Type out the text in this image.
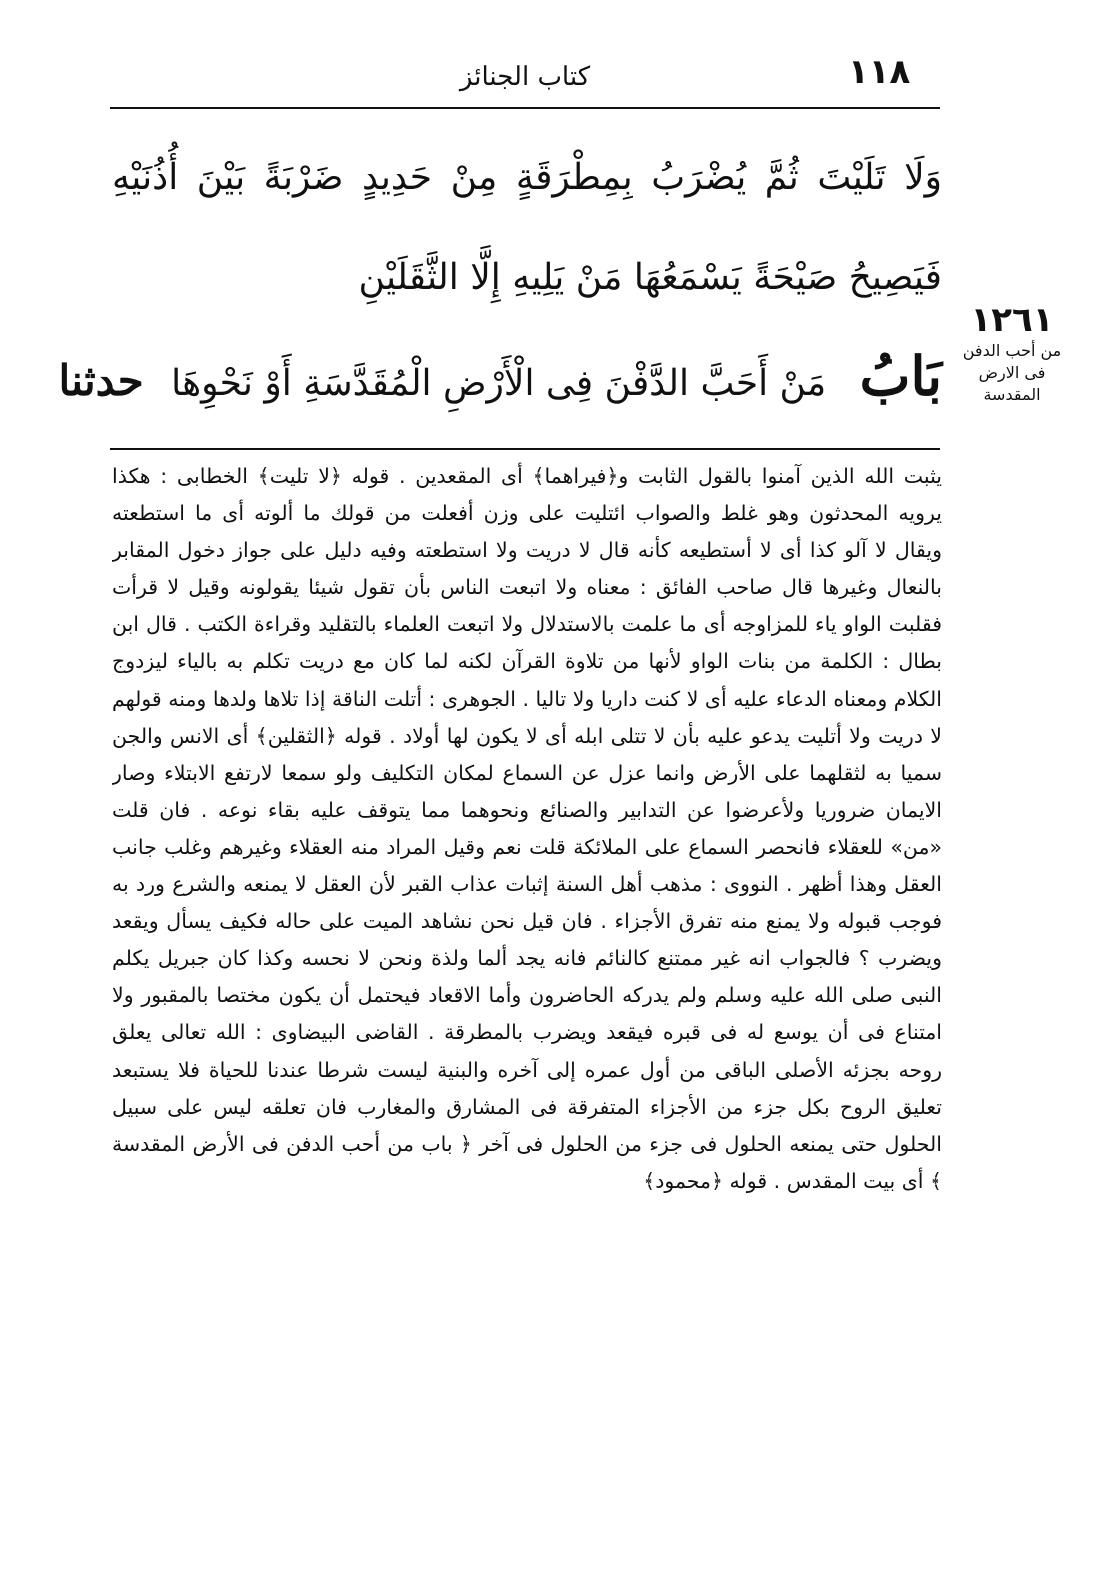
١١٨
كتاب الجنائز
وَلَا تَلَيْتَ ثُمَّ يُضْرَبُ بِمِطْرَقَةٍ مِنْ حَدِيدٍ ضَرْبَةً بَيْنَ أُذُنَيْهِ فَيَصِيحُ صَيْحَةً يَسْمَعُهَا مَنْ يَلِيهِ إِلَّا الثَّقَلَيْنِ
١٢٦١
من أحب الدفن فى الارض المقدسة
بَابُ مَنْ أَحَبَّ الدَّفْنَ فِى الْأَرْضِ الْمُقَدَّسَةِ أَوْ نَحْوِهَا حدثنا
يثبت الله الذين آمنوا بالقول الثابت و﴿فيراهما﴾ أى المقعدين . قوله ﴿لا تليت﴾ الخطابى : هكذا يرويه المحدثون وهو غلط والصواب ائتليت على وزن أفعلت من قولك ما ألوته أى ما استطعته ويقال لا آلو كذا أى لا أستطيعه كأنه قال لا دريت ولا استطعته وفيه دليل على جواز دخول المقابر بالنعال وغيرها قال صاحب الفائق : معناه ولا اتبعت الناس بأن تقول شيئا يقولونه وقيل لا قرأت فقلبت الواو ياء للمزاوجه أى ما علمت بالاستدلال ولا اتبعت العلماء بالتقليد وقراءة الكتب . قال ابن بطال : الكلمة من بنات الواو لأنها من تلاوة القرآن لكنه لما كان مع دريت تكلم به بالياء ليزدوج الكلام ومعناه الدعاء عليه أى لا كنت داريا ولا تاليا . الجوهرى : أتلت الناقة إذا تلاها ولدها ومنه قولهم لا دريت ولا أتليت يدعو عليه بأن لا تتلى ابله أى لا يكون لها أولاد . قوله ﴿الثقلين﴾ أى الانس والجن سميا به لثقلهما على الأرض وانما عزل عن السماع لمكان التكليف ولو سمعا لارتفع الابتلاء وصار الايمان ضروريا ولأعرضوا عن التدابير والصنائع ونحوهما مما يتوقف عليه بقاء نوعه . فان قلت «من» للعقلاء فانحصر السماع على الملائكة قلت نعم وقيل المراد منه العقلاء وغيرهم وغلب جانب العقل وهذا أظهر . النووى : مذهب أهل السنة إثبات عذاب القبر لأن العقل لا يمنعه والشرع ورد به فوجب قبوله ولا يمنع منه تفرق الأجزاء . فان قيل نحن نشاهد الميت على حاله فكيف يسأل ويقعد ويضرب ؟ فالجواب انه غير ممتنع كالنائم فانه يجد ألما ولذة ونحن لا نحسه وكذا كان جبريل يكلم النبى صلى الله عليه وسلم ولم يدركه الحاضرون وأما الاقعاد فيحتمل أن يكون مختصا بالمقبور ولا امتناع فى أن يوسع له فى قبره فيقعد ويضرب بالمطرقة . القاضى البيضاوى : الله تعالى يعلق روحه بجزئه الأصلى الباقى من أول عمره إلى آخره والبنية ليست شرطا عندنا للحياة فلا يستبعد تعليق الروح بكل جزء من الأجزاء المتفرقة فى المشارق والمغارب فان تعلقه ليس على سبيل الحلول حتى يمنعه الحلول فى جزء من الحلول فى آخر ﴿ باب من أحب الدفن فى الأرض المقدسة ﴾ أى بيت المقدس . قوله ﴿محمود﴾
